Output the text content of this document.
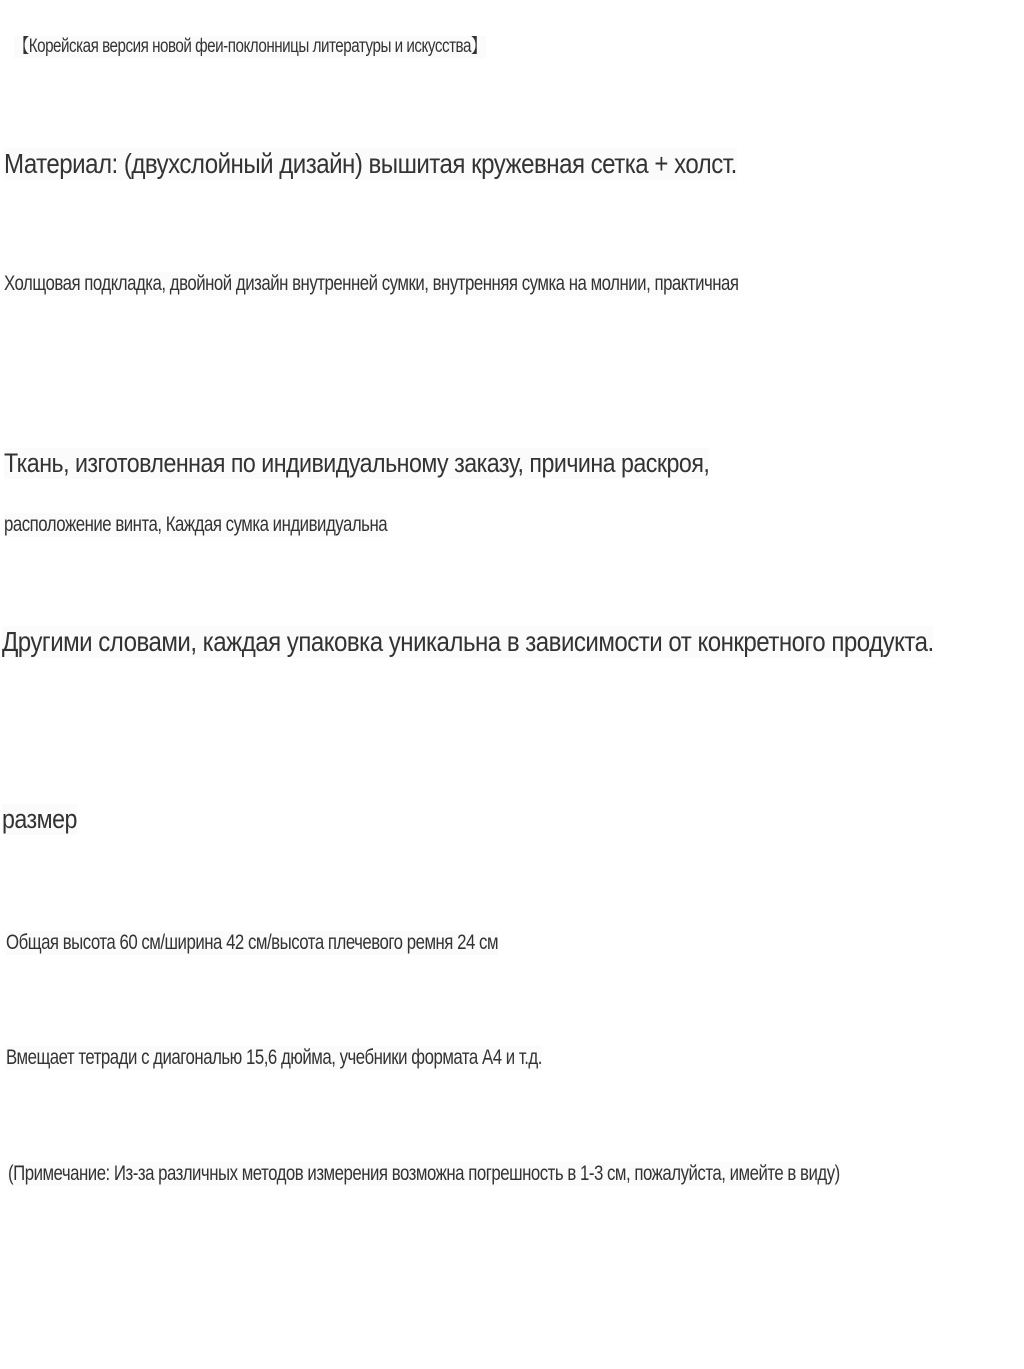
【Корейская версия новой феи-поклонницы литературы и искусства】
Материал: (двухслойный дизайн) вышитая кружевная сетка + холст.
Холщовая подкладка, двойной дизайн внутренней сумки, внутренняя сумка на молнии, практичная
Ткань, изготовленная по индивидуальному заказу, причина раскроя,
расположение винта, Каждая сумка индивидуальна
Другими словами, каждая упаковка уникальна в зависимости от конкретного продукта.
размер
Общая высота 60 см/ширина 42 см/высота плечевого ремня 24 см
Вмещает тетради с диагональю 15,6 дюйма, учебники формата А4 и т.д.
(Примечание: Из-за различных методов измерения возможна погрешность в 1-3 см, пожалуйста, имейте в виду)
